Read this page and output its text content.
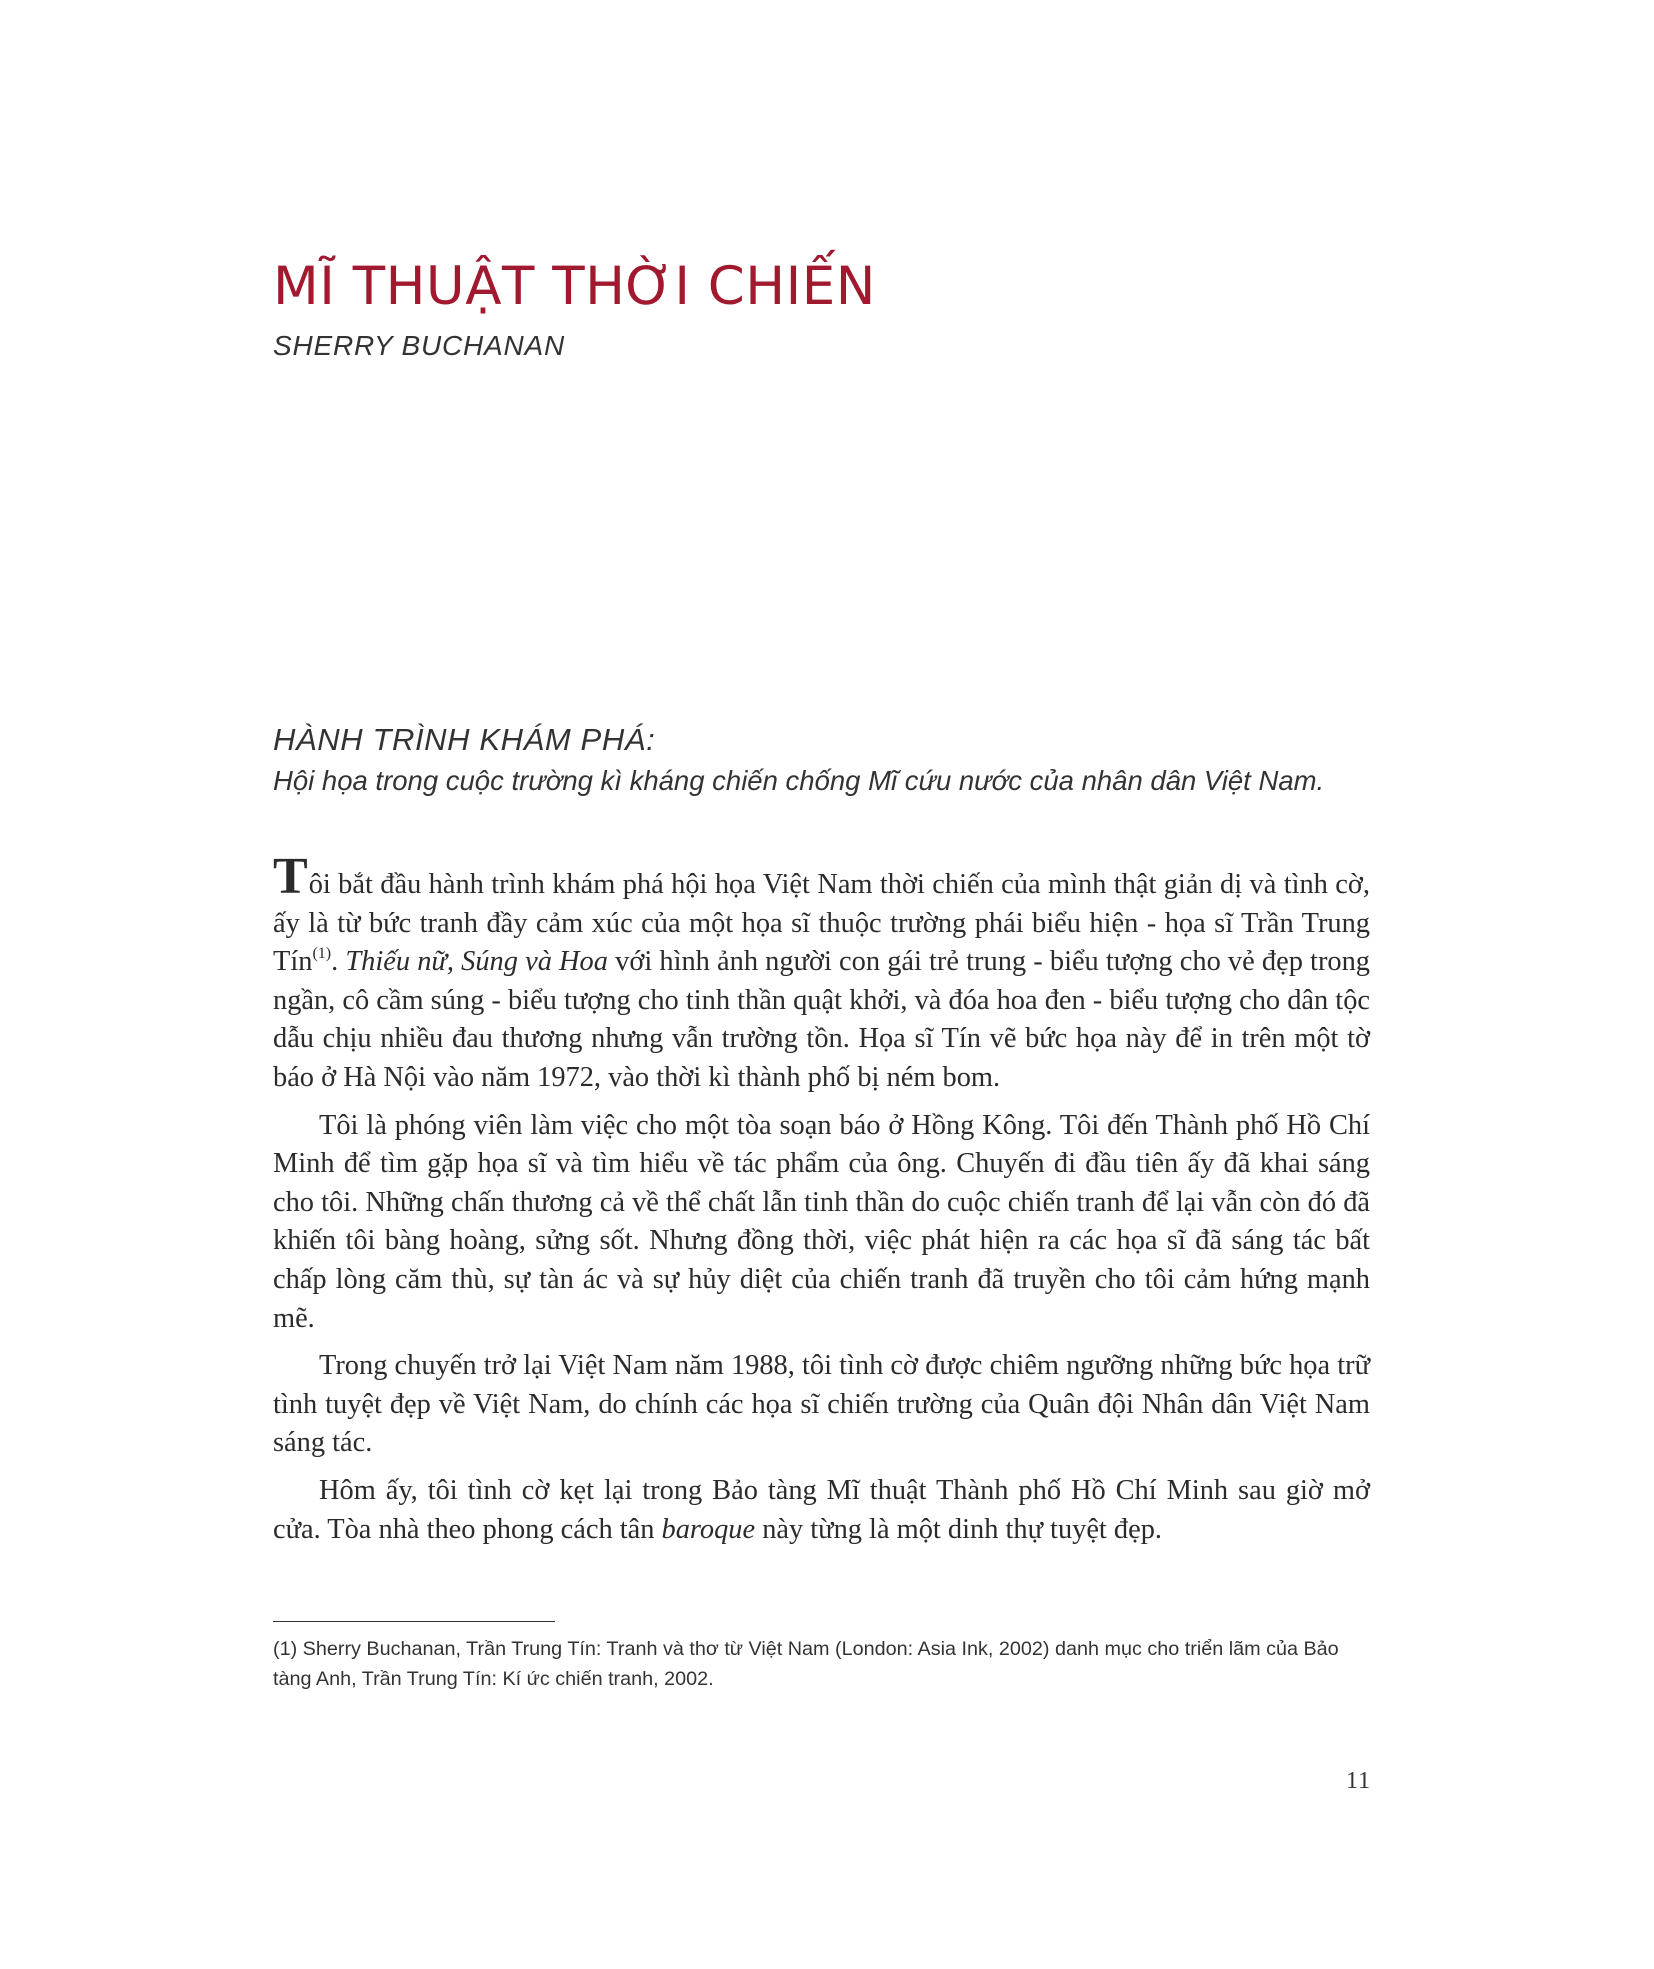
MĨ THUẬT THỜI CHIẾN
SHERRY BUCHANAN
HÀNH TRÌNH KHÁM PHÁ:
Hội họa trong cuộc trường kì kháng chiến chống Mĩ cứu nước của nhân dân Việt Nam.

Tôi bắt đầu hành trình khám phá hội họa Việt Nam thời chiến của mình thật giản dị và tình cờ, ấy là từ bức tranh đầy cảm xúc của một họa sĩ thuộc trường phái biểu hiện - họa sĩ Trần Trung Tín$^{(1)}$. Thiếu nữ, Súng và Hoa với hình ảnh người con gái trẻ trung - biểu tượng cho vẻ đẹp trong ngần, cô cầm súng - biểu tượng cho tinh thần quật khởi, và đóa hoa đen - biểu tượng cho dân tộc dẫu chịu nhiều đau thương nhưng vẫn trường tồn. Họa sĩ Tín vẽ bức họa này để in trên một tờ báo ở Hà Nội vào năm 1972, vào thời kì thành phố bị ném bom.

Tôi là phóng viên làm việc cho một tòa soạn báo ở Hồng Kông. Tôi đến Thành phố Hồ Chí Minh để tìm gặp họa sĩ và tìm hiểu về tác phẩm của ông. Chuyến đi đầu tiên ấy đã khai sáng cho tôi. Những chấn thương cả về thể chất lẫn tinh thần do cuộc chiến tranh để lại vẫn còn đó đã khiến tôi bàng hoàng, sửng sốt. Nhưng đồng thời, việc phát hiện ra các họa sĩ đã sáng tác bất chấp lòng căm thù, sự tàn ác và sự hủy diệt của chiến tranh đã truyền cho tôi cảm hứng mạnh mẽ.

Trong chuyến trở lại Việt Nam năm 1988, tôi tình cờ được chiêm ngưỡng những bức họa trữ tình tuyệt đẹp về Việt Nam, do chính các họa sĩ chiến trường của Quân đội Nhân dân Việt Nam sáng tác.

Hôm ấy, tôi tình cờ kẹt lại trong Bảo tàng Mĩ thuật Thành phố Hồ Chí Minh sau giờ mở cửa. Tòa nhà theo phong cách tân baroque này từng là một dinh thự tuyệt đẹp.

(1) Sherry Buchanan, Trần Trung Tín: Tranh và thơ từ Việt Nam (London: Asia Ink, 2002) danh mục cho triển lãm của Bảo tàng Anh, Trần Trung Tín: Kí ức chiến tranh, 2002.

11
